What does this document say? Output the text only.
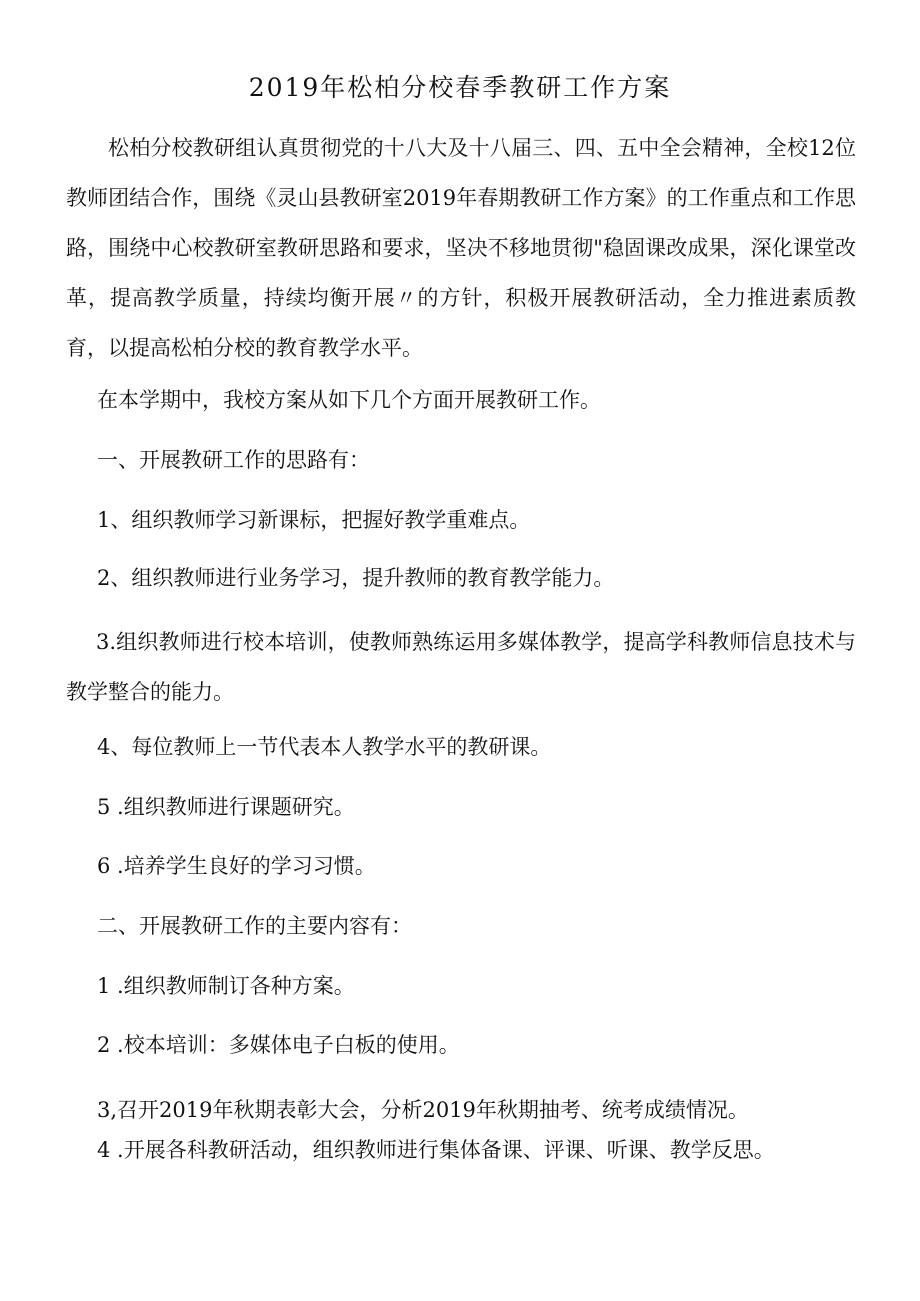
2019年松柏分校春季教研工作方案
松柏分校教研组认真贯彻党的十八大及十八届三、四、五中全会精神，全校12位教师团结合作，围绕《灵山县教研室2019年春期教研工作方案》的工作重点和工作思路，围绕中心校教研室教研思路和要求，坚决不移地贯彻"稳固课改成果，深化课堂改革，提高教学质量，持续均衡开展〃的方针，积极开展教研活动，全力推进素质教育，以提高松柏分校的教育教学水平。
在本学期中，我校方案从如下几个方面开展教研工作。
一、开展教研工作的思路有：
1、组织教师学习新课标，把握好教学重难点。
2、组织教师进行业务学习，提升教师的教育教学能力。
3.组织教师进行校本培训，使教师熟练运用多媒体教学，提高学科教师信息技术与教学整合的能力。
4、每位教师上一节代表本人教学水平的教研课。
5 .组织教师进行课题研究。
6 .培养学生良好的学习习惯。
二、开展教研工作的主要内容有：
1 .组织教师制订各种方案。
2 .校本培训：多媒体电子白板的使用。
3,召开2019年秋期表彰大会，分析2019年秋期抽考、统考成绩情况。
4 .开展各科教研活动，组织教师进行集体备课、评课、听课、教学反思。
